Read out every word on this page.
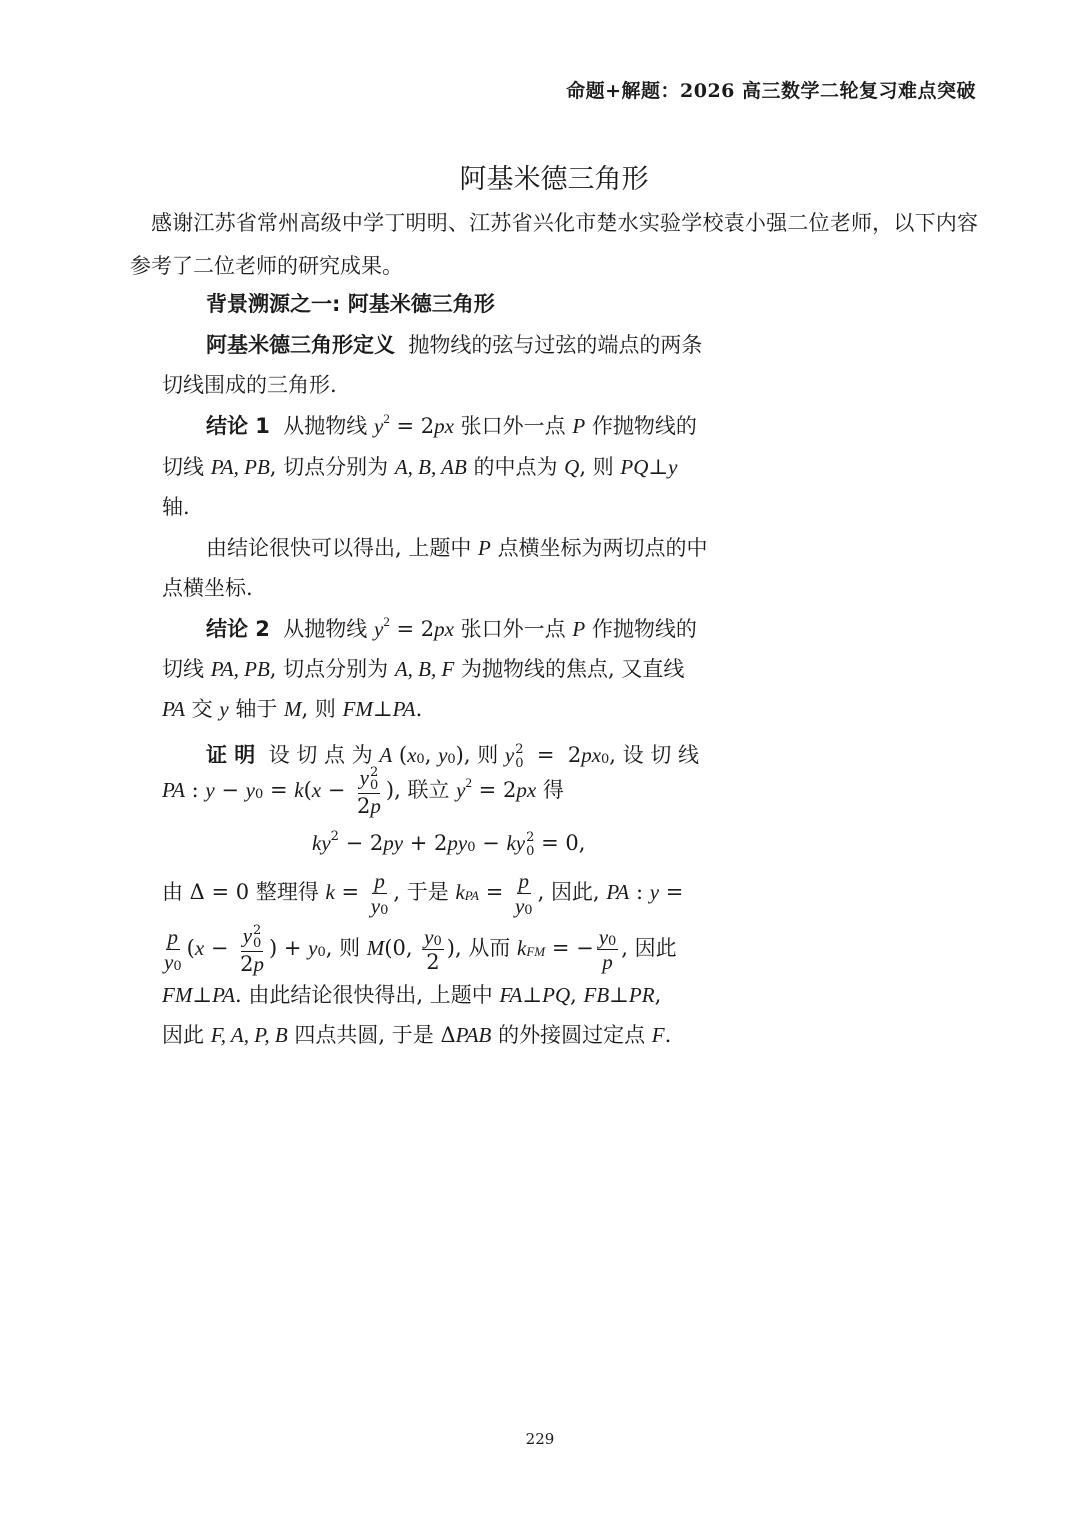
命题+解题：2026 高三数学二轮复习难点突破
阿基米德三角形

感谢江苏省常州高级中学丁明明、江苏省兴化市楚水实验学校袁小强二位老师，以下内容参考了二位老师的研究成果。

背景溯源之一: 阿基米德三角形
阿基米德三角形定义 抛物线的弦与过弦的端点的两条
切线围成的三角形.
结论 1 从抛物线 $y^2 = 2px$ 张口外一点 P 作抛物线的
切线 PA, PB, 切点分别为 A, B, AB 的中点为 Q, 则 PQ⊥y
轴.
由结论很快可以得出, 上题中 P 点横坐标为两切点的中
点横坐标.
结论 2 从抛物线 $y^2 = 2px$ 张口外一点 P 作抛物线的
切线 PA, PB, 切点分别为 A, B, F 为抛物线的焦点, 又直线
PA 交 y 轴于 M, 则 FM⊥PA.
证 明 设 切 点 为 A ($x_0$, $y_0$), 则 y 2
$0 = 2px_0$, 设 切 线
PA : $y - y_0 = k(x - y$ 2
0
2p ), 联立 $y^2 = 2px$ 得
$ky^2 - 2py + 2py_0$ − ky 2
0 = 0,
由 Δ = 0 整理得 $k = \frac{p}{y_0}$ , 于是 $k_{PA} = \frac{p}{y_0}$ , 因此, PA : y =
$\frac{p}{y_0} (x - y$ 2
0
2p ) + $y_0$, 则 M(0, $\frac{y_0}{2}$ ), 从而 $k_{FM}$ = − $\frac{y_0}{p}$ , 因此
FM⊥PA. 由此结论很快得出, 上题中 FA⊥PQ, FB⊥PR,
因此 F, A, P, B 四点共圆, 于是 ΔPAB 的外接圆过定点 F.
229
